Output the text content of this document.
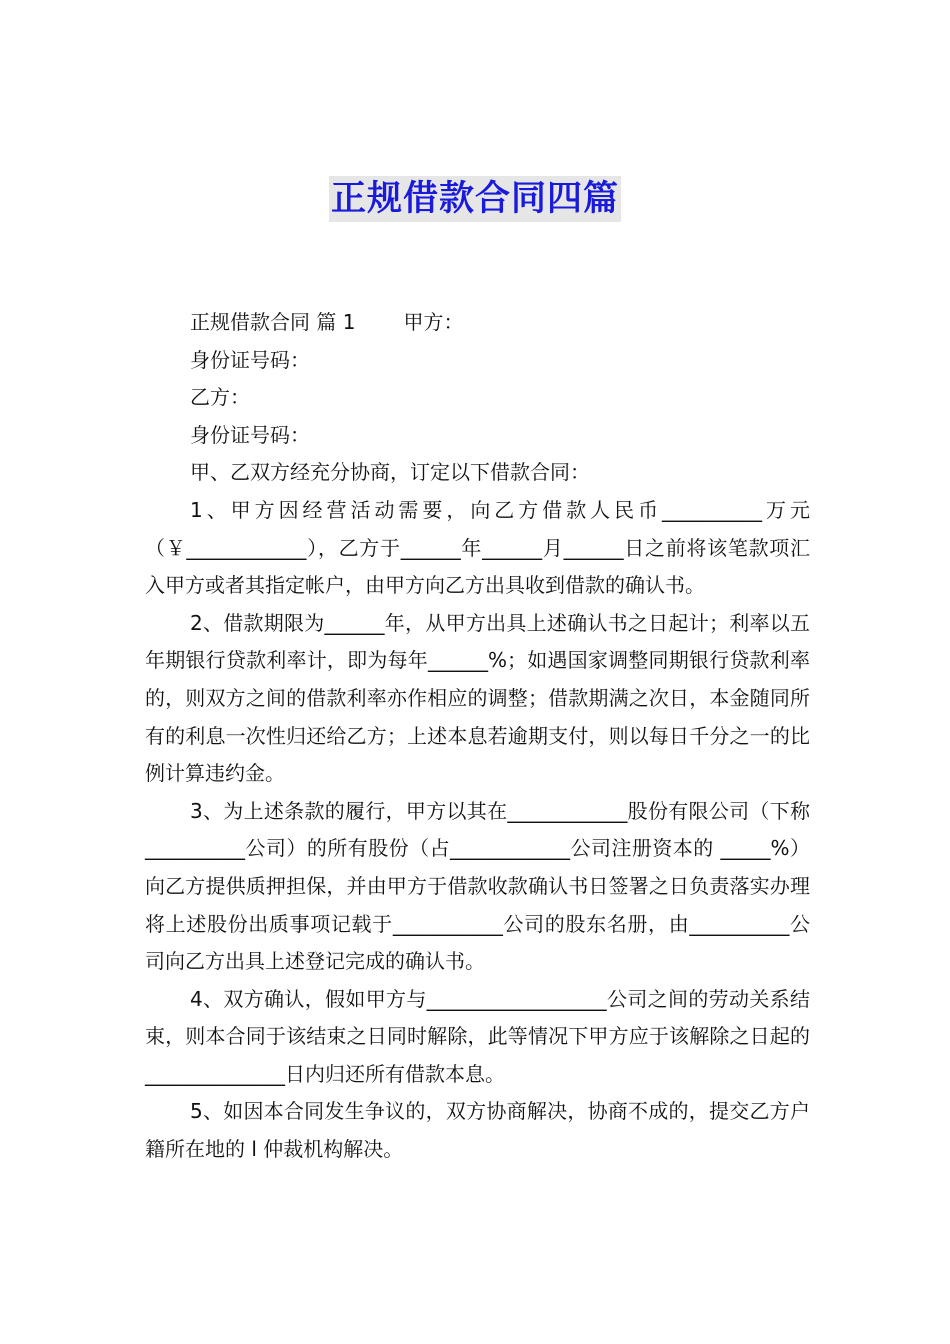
正规借款合同四篇
正规借款合同 篇 1 甲方：
身份证号码：
乙方：
身份证号码：
甲、乙双方经充分协商，订定以下借款合同：
1、甲方因经营活动需要，向乙方借款人民币__________万元（￥____________），乙方于______年______月______日之前将该笔款项汇入甲方或者其指定帐户，由甲方向乙方出具收到借款的确认书。
2、借款期限为______年，从甲方出具上述确认书之日起计；利率以五年期银行贷款利率计，即为每年______%；如遇国家调整同期银行贷款利率的，则双方之间的借款利率亦作相应的调整；借款期满之次日，本金随同所有的利息一次性归还给乙方；上述本息若逾期支付，则以每日千分之一的比例计算违约金。
3、为上述条款的履行，甲方以其在____________股份有限公司（下称__________公司）的所有股份（占____________公司注册资本的 _____%）向乙方提供质押担保，并由甲方于借款收款确认书日签署之日负责落实办理将上述股份出质事项记载于___________公司的股东名册，由__________公司向乙方出具上述登记完成的确认书。
4、双方确认，假如甲方与__________________公司之间的劳动关系结束，则本合同于该结束之日同时解除，此等情况下甲方应于该解除之日起的______________日内归还所有借款本息。
5、如因本合同发生争议的，双方协商解决，协商不成的，提交乙方户籍所在地的 l 仲裁机构解决。
